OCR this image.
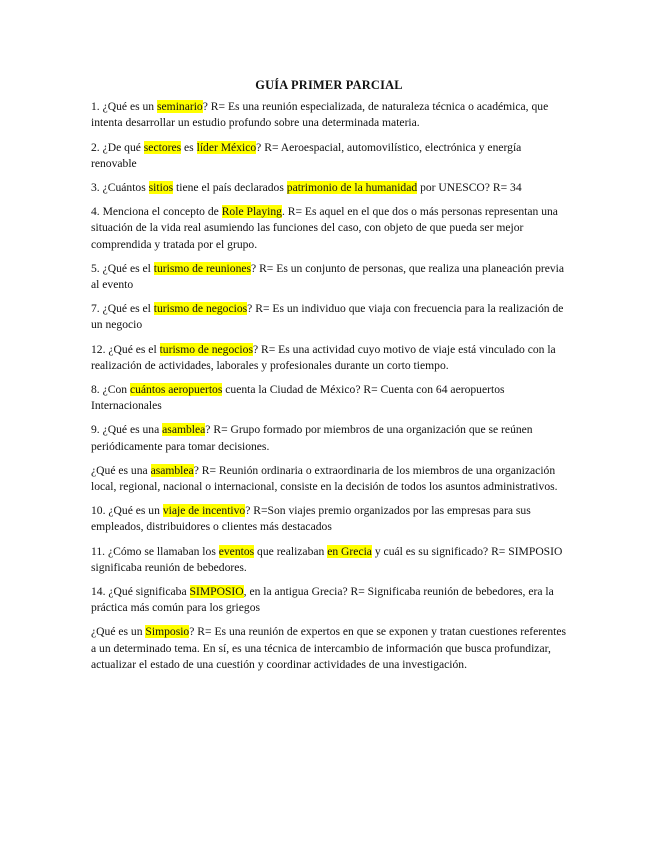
GUÍA PRIMER PARCIAL

1. ¿Qué es un seminario? R= Es una reunión especializada, de naturaleza técnica o académica, que intenta desarrollar un estudio profundo sobre una determinada materia.

2. ¿De qué sectores es líder México? R= Aeroespacial, automovilístico, electrónica y energía renovable

3. ¿Cuántos sitios tiene el país declarados patrimonio de la humanidad por UNESCO? R= 34

4. Menciona el concepto de Role Playing. R= Es aquel en el que dos o más personas representan una situación de la vida real asumiendo las funciones del caso, con objeto de que pueda ser mejor comprendida y tratada por el grupo.

5. ¿Qué es el turismo de reuniones? R= Es un conjunto de personas, que realiza una planeación previa al evento

7. ¿Qué es el turismo de negocios? R= Es un individuo que viaja con frecuencia para la realización de un negocio

12. ¿Qué es el turismo de negocios? R= Es una actividad cuyo motivo de viaje está vinculado con la realización de actividades, laborales y profesionales durante un corto tiempo.

8. ¿Con cuántos aeropuertos cuenta la Ciudad de México? R= Cuenta con 64 aeropuertos Internacionales

9. ¿Qué es una asamblea? R= Grupo formado por miembros de una organización que se reúnen periódicamente para tomar decisiones.

¿Qué es una asamblea? R= Reunión ordinaria o extraordinaria de los miembros de una organización local, regional, nacional o internacional, consiste en la decisión de todos los asuntos administrativos.

10. ¿Qué es un viaje de incentivo? R=Son viajes premio organizados por las empresas para sus empleados, distribuidores o clientes más destacados

11. ¿Cómo se llamaban los eventos que realizaban en Grecia y cuál es su significado? R= SIMPOSIO significaba reunión de bebedores.

14. ¿Qué significaba SIMPOSIO, en la antigua Grecia? R= Significaba reunión de bebedores, era la práctica más común para los griegos

¿Qué es un Simposio? R= Es una reunión de expertos en que se exponen y tratan cuestiones referentes a un determinado tema. En sí, es una técnica de intercambio de información que busca profundizar, actualizar el estado de una cuestión y coordinar actividades de una investigación.
